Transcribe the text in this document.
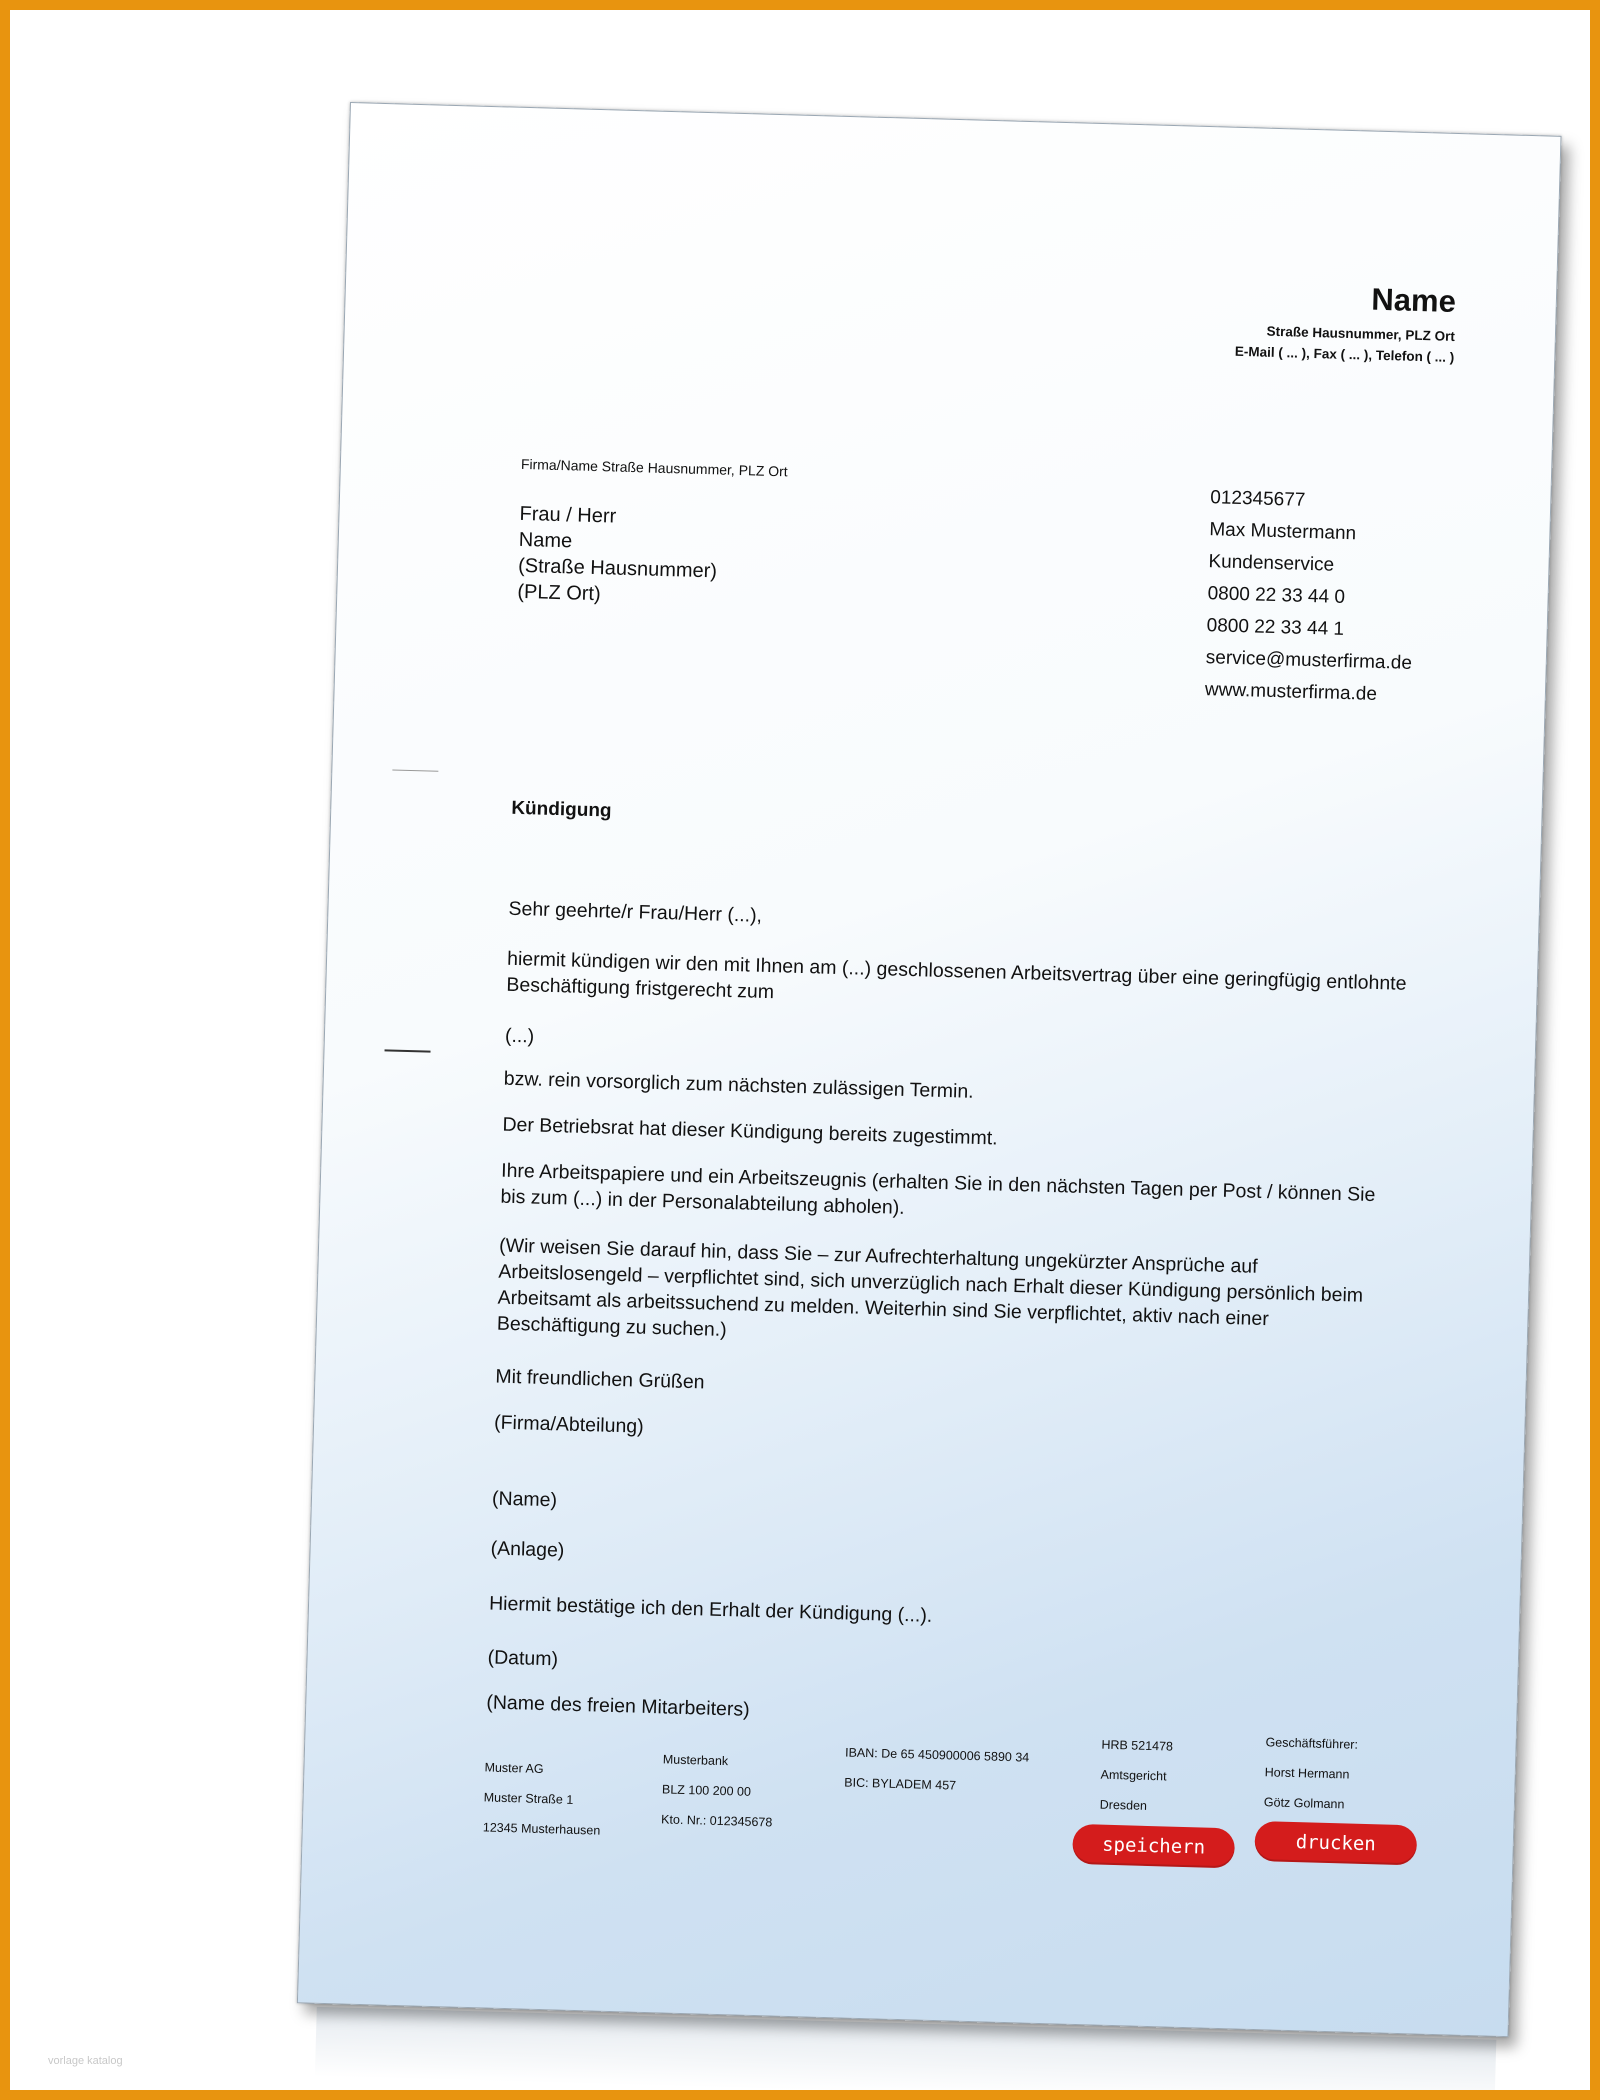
Name
Straße Hausnummer, PLZ Ort
E-Mail ( ... ), Fax ( ... ), Telefon ( ... )
Firma/Name Straße Hausnummer, PLZ Ort
Frau / Herr
Name
(Straße Hausnummer)
(PLZ Ort)
012345677
Max Mustermann
Kundenservice
0800 22 33 44 0
0800 22 33 44 1
service@musterfirma.de
www.musterfirma.de
Kündigung
Sehr geehrte/r Frau/Herr (...),
hiermit kündigen wir den mit Ihnen am (...) geschlossenen Arbeitsvertrag über eine geringfügig entlohnte Beschäftigung fristgerecht zum
(...)
bzw. rein vorsorglich zum nächsten zulässigen Termin.
Der Betriebsrat hat dieser Kündigung bereits zugestimmt.
Ihre Arbeitspapiere und ein Arbeitszeugnis (erhalten Sie in den nächsten Tagen per Post / können Sie bis zum (...) in der Personalabteilung abholen).
(Wir weisen Sie darauf hin, dass Sie – zur Aufrechterhaltung ungekürzter Ansprüche auf Arbeitslosengeld – verpflichtet sind, sich unverzüglich nach Erhalt dieser Kündigung persönlich beim Arbeitsamt als arbeitssuchend zu melden. Weiterhin sind Sie verpflichtet, aktiv nach einer Beschäftigung zu suchen.)
Mit freundlichen Grüßen
(Firma/Abteilung)
(Name)
(Anlage)
Hiermit bestätige ich den Erhalt der Kündigung (...).
(Datum)
(Name des freien Mitarbeiters)
Muster AG
Muster Straße 1
12345 Musterhausen
Musterbank
BLZ 100 200 00
Kto. Nr.: 012345678
IBAN: De 65 450900006 5890 34
BIC: BYLADEM 457
HRB 521478
Amtsgericht
Dresden
Geschäftsführer:
Horst Hermann
Götz Golmann
speichern	drucken
vorlage katalog
